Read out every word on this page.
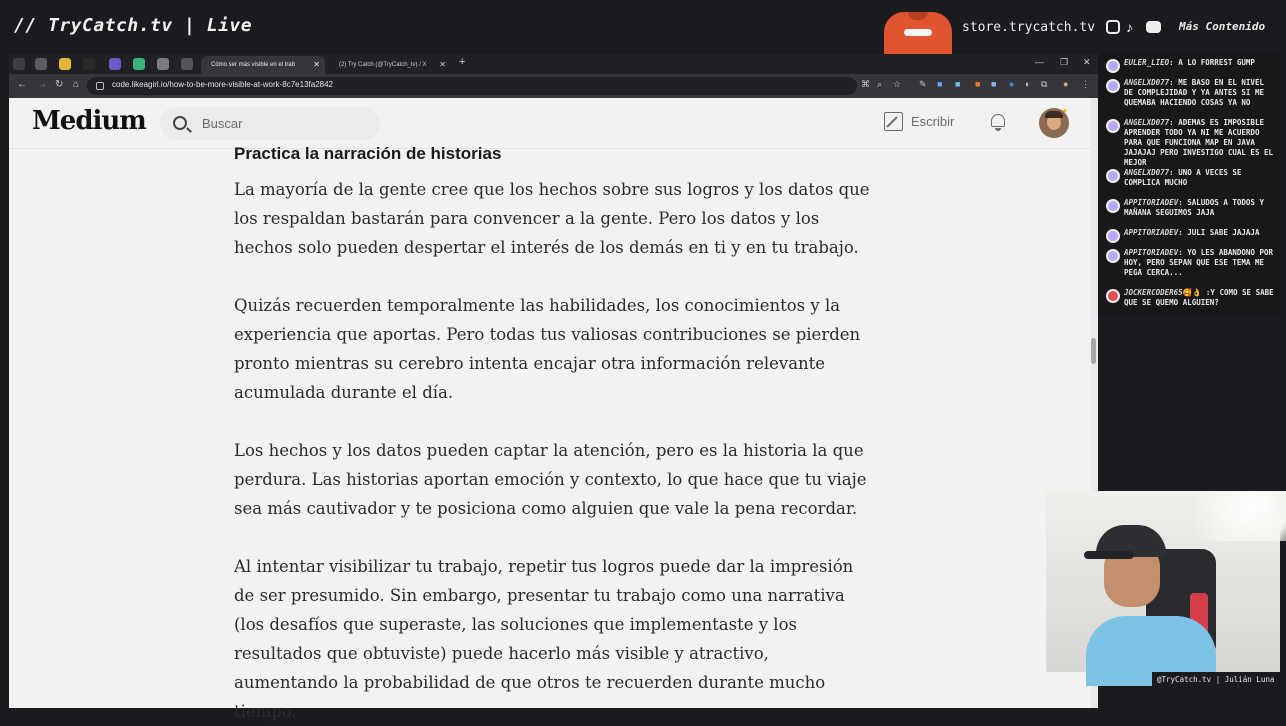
// TryCatch.tv | Live	store.trycatch.tv ♪	Más Contenido
Cómo ser más visible en el trab ✕	(2) Try Catch (@TryCatch_tv) / X ✕ +	— ❐ ✕
← → ↻ ⌂	code.likeagirl.io/how-to-be-more-visible-at-work-8c7e13fa2842	⌘ ⌕ ☆ ✎ ■ ■ ■ ■ ● ◐ ⧉ ● ⋮
Medium
Buscar	Escribir
✦
Practica la narración de historias
La mayoría de la gente cree que los hechos sobre sus logros y los datos que los respaldan bastarán para convencer a la gente. Pero los datos y los hechos solo pueden despertar el interés de los demás en ti y en tu trabajo.
Quizás recuerden temporalmente las habilidades, los conocimientos y la experiencia que aportas. Pero todas tus valiosas contribuciones se pierden pronto mientras su cerebro intenta encajar otra información relevante acumulada durante el día.
Los hechos y los datos pueden captar la atención, pero es la historia la que perdura. Las historias aportan emoción y contexto, lo que hace que tu viaje sea más cautivador y te posiciona como alguien que vale la pena recordar.
Al intentar visibilizar tu trabajo, repetir tus logros puede dar la impresión de ser presumido. Sin embargo, presentar tu trabajo como una narrativa (los desafíos que superaste, las soluciones que implementaste y los resultados que obtuviste) puede hacerlo más visible y atractivo, aumentando la probabilidad de que otros te recuerden durante mucho tiempo.
EULER_LIEO: A LO FORREST GUMP
ANGELXD077: ME BASO EN EL NIVEL DE COMPLEJIDAD Y YA ANTES SI ME QUEMABA HACIENDO COSAS YA NO
ANGELXD077: ADEMAS ES IMPOSIBLE APRENDER TODO YA NI ME ACUERDO PARA QUE FUNCIONA MAP EN JAVA JAJAJAJ PERO INVESTIGO CUAL ES EL MEJOR
ANGELXD077: UNO A VECES SE COMPLICA MUCHO
APPITORIADEV: SALUDOS A TODOS Y MAÑANA SEGUIMOS JAJA
APPITORIADEV: JULI SABE JAJAJA
APPITORIADEV: YO LES ABANDONO POR HOY, PERO SEPAN QUE ESE TEMA ME PEGA CERCA...
JOCKERCODER65🥰👌 :Y COMO SE SABE QUE SE QUEMO ALGUIEN?
@TryCatch.tv | Julián Luna
